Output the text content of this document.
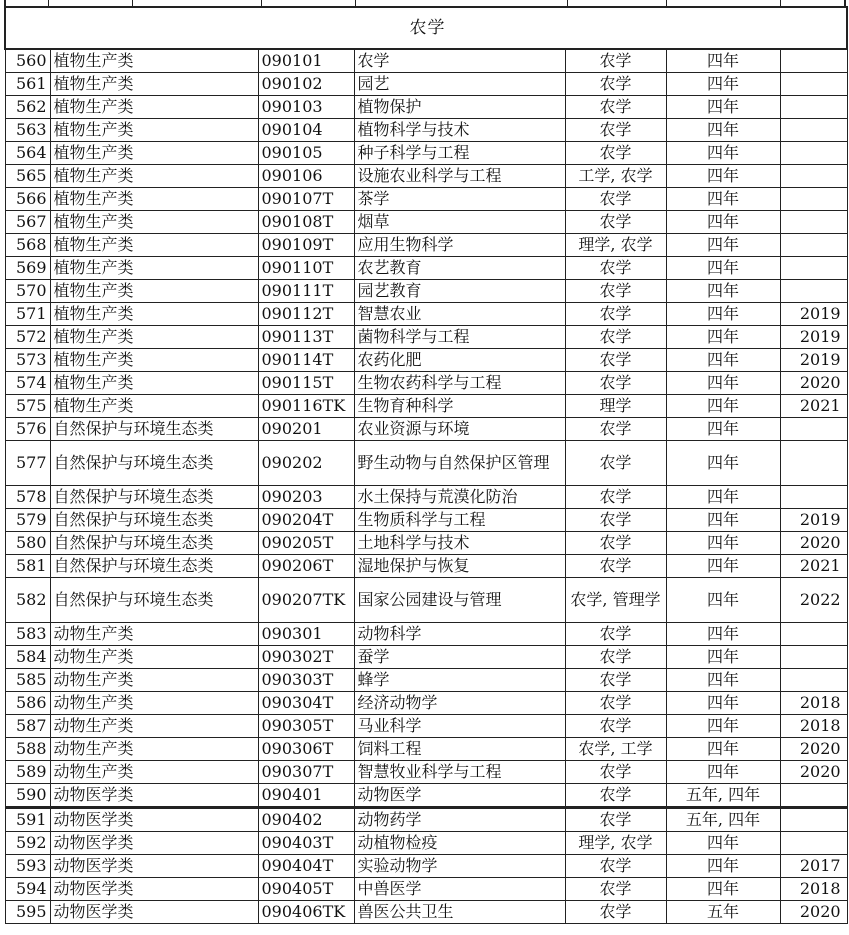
农学						
560	植物生产类	090101	农学	农学	四年	
561	植物生产类	090102	园艺	农学	四年	
562	植物生产类	090103	植物保护	农学	四年	
563	植物生产类	090104	植物科学与技术	农学	四年	
564	植物生产类	090105	种子科学与工程	农学	四年	
565	植物生产类	090106	设施农业科学与工程	工学, 农学	四年	
566	植物生产类	090107T	茶学	农学	四年	
567	植物生产类	090108T	烟草	农学	四年	
568	植物生产类	090109T	应用生物科学	理学, 农学	四年	
569	植物生产类	090110T	农艺教育	农学	四年	
570	植物生产类	090111T	园艺教育	农学	四年	
571	植物生产类	090112T	智慧农业	农学	四年	2019
572	植物生产类	090113T	菌物科学与工程	农学	四年	2019
573	植物生产类	090114T	农药化肥	农学	四年	2019
574	植物生产类	090115T	生物农药科学与工程	农学	四年	2020
575	植物生产类	090116TK	生物育种科学	理学	四年	2021
576	自然保护与环境生态类	090201	农业资源与环境	农学	四年	
577	自然保护与环境生态类	090202	野生动物与自然保护区管理	农学	四年	
578	自然保护与环境生态类	090203	水土保持与荒漠化防治	农学	四年	
579	自然保护与环境生态类	090204T	生物质科学与工程	农学	四年	2019
580	自然保护与环境生态类	090205T	土地科学与技术	农学	四年	2020
581	自然保护与环境生态类	090206T	湿地保护与恢复	农学	四年	2021
582	自然保护与环境生态类	090207TK	国家公园建设与管理	农学, 管理学	四年	2022
583	动物生产类	090301	动物科学	农学	四年	
584	动物生产类	090302T	蚕学	农学	四年	
585	动物生产类	090303T	蜂学	农学	四年	
586	动物生产类	090304T	经济动物学	农学	四年	2018
587	动物生产类	090305T	马业科学	农学	四年	2018
588	动物生产类	090306T	饲料工程	农学, 工学	四年	2020
589	动物生产类	090307T	智慧牧业科学与工程	农学	四年	2020
590	动物医学类	090401	动物医学	农学	五年, 四年	
591	动物医学类	090402	动物药学	农学	五年, 四年	
592	动物医学类	090403T	动植物检疫	理学, 农学	四年	
593	动物医学类	090404T	实验动物学	农学	四年	2017
594	动物医学类	090405T	中兽医学	农学	四年	2018
595	动物医学类	090406TK	兽医公共卫生	农学	五年	2020
